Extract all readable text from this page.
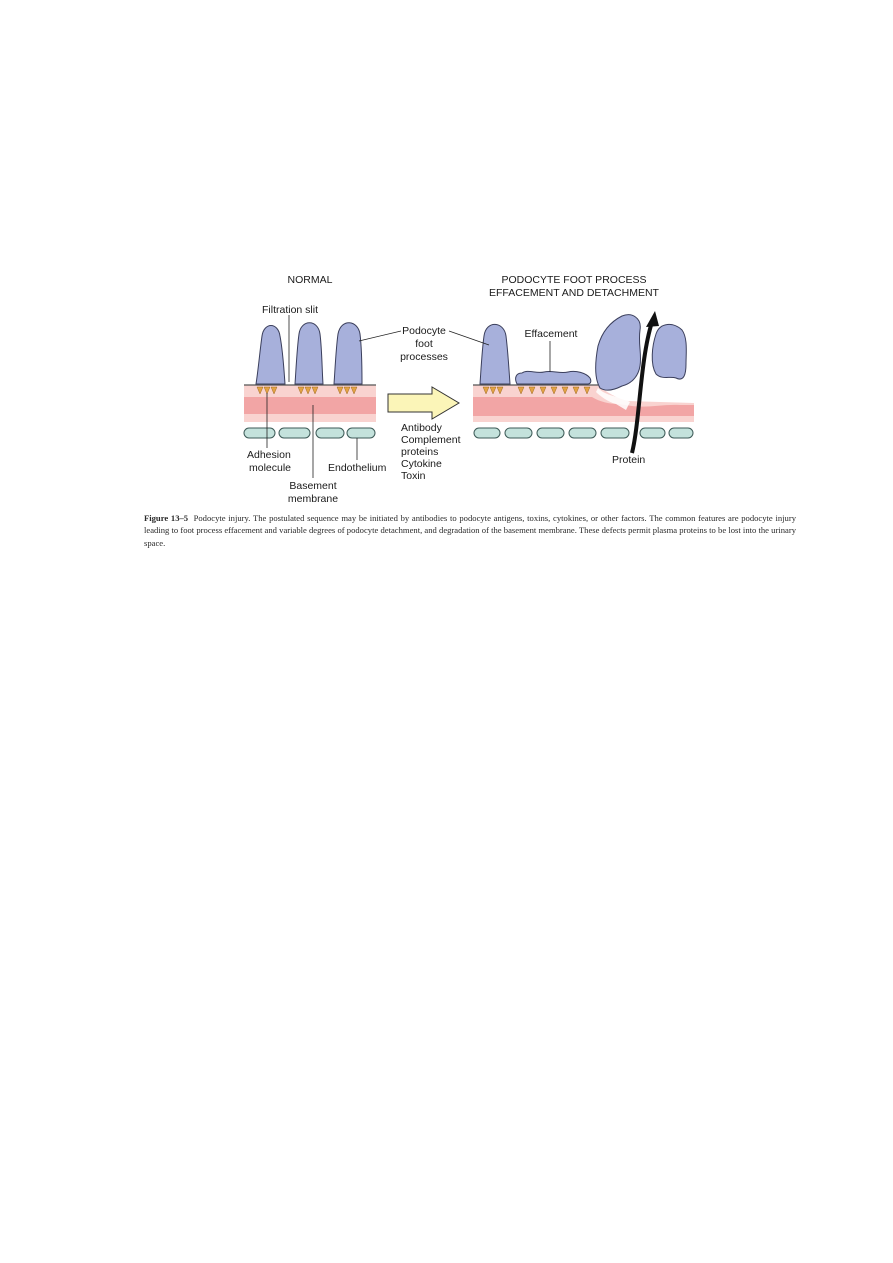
NORMAL	PODOCYTE FOOT PROCESS
EFFACEMENT AND DETACHMENT
Filtration slit
Podocyte
foot
processes
Adhesion
molecule	Endothelium
Basement
membrane
Antibody
Complement
proteins
Cytokine
Toxin
Effacement
Protein

Figure 13–5 Podocyte injury. The postulated sequence may be initiated by antibodies to podocyte antigens, toxins, cytokines, or other factors. The common features are podocyte injury leading to foot process effacement and variable degrees of podocyte detachment, and degradation of the basement membrane. These defects permit plasma proteins to be lost into the urinary space.
